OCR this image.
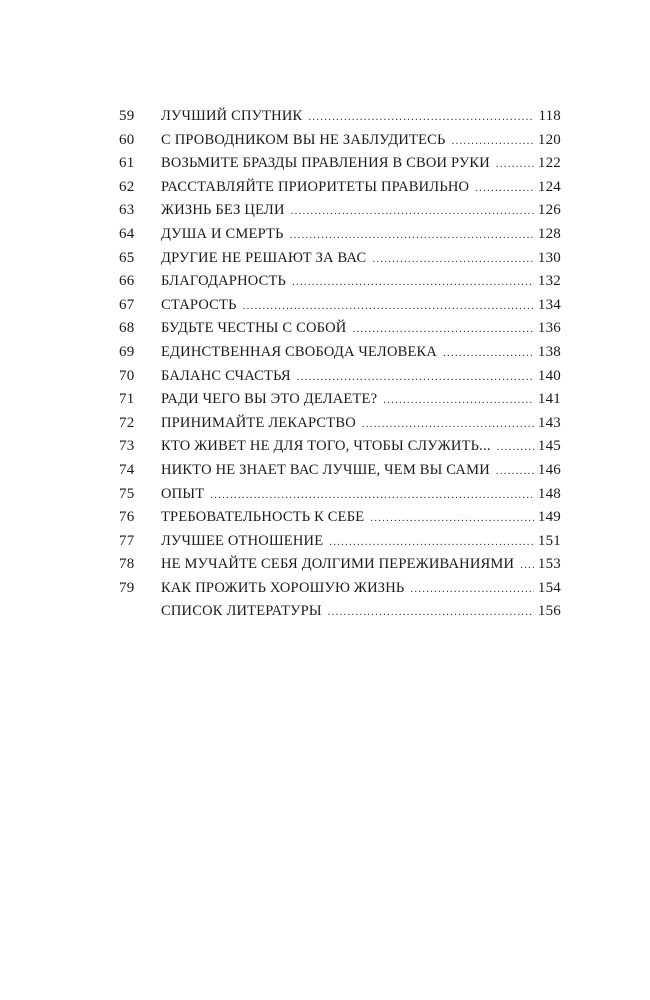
59	ЛУЧШИЙ СПУТНИК .....	118
60	С ПРОВОДНИКОМ ВЫ НЕ ЗАБЛУДИТЕСЬ .....	120
61	ВОЗЬМИТЕ БРАЗДЫ ПРАВЛЕНИЯ В СВОИ РУКИ .....	122
62	РАССТАВЛЯЙТЕ ПРИОРИТЕТЫ ПРАВИЛЬНО .....	124
63	ЖИЗНЬ БЕЗ ЦЕЛИ .....	126
64	ДУША И СМЕРТЬ .....	128
65	ДРУГИЕ НЕ РЕШАЮТ ЗА ВАС .....	130
66	БЛАГОДАРНОСТЬ .....	132
67	СТАРОСТЬ .....	134
68	БУДЬТЕ ЧЕСТНЫ С СОБОЙ .....	136
69	ЕДИНСТВЕННАЯ СВОБОДА ЧЕЛОВЕКА .....	138
70	БАЛАНС СЧАСТЬЯ .....	140
71	РАДИ ЧЕГО ВЫ ЭТО ДЕЛАЕТЕ? .....	141
72	ПРИНИМАЙТЕ ЛЕКАРСТВО .....	143
73	КТО ЖИВЕТ НЕ ДЛЯ ТОГО, ЧТОБЫ СЛУЖИТЬ... .....	145
74	НИКТО НЕ ЗНАЕТ ВАС ЛУЧШЕ, ЧЕМ ВЫ САМИ .....	146
75	ОПЫТ .....	148
76	ТРЕБОВАТЕЛЬНОСТЬ К СЕБЕ .....	149
77	ЛУЧШЕЕ ОТНОШЕНИЕ .....	151
78	НЕ МУЧАЙТЕ СЕБЯ ДОЛГИМИ ПЕРЕЖИВАНИЯМИ ..... 153
79	КАК ПРОЖИТЬ ХОРОШУЮ ЖИЗНЬ .....	154
СПИСОК ЛИТЕРАТУРЫ .....	156
